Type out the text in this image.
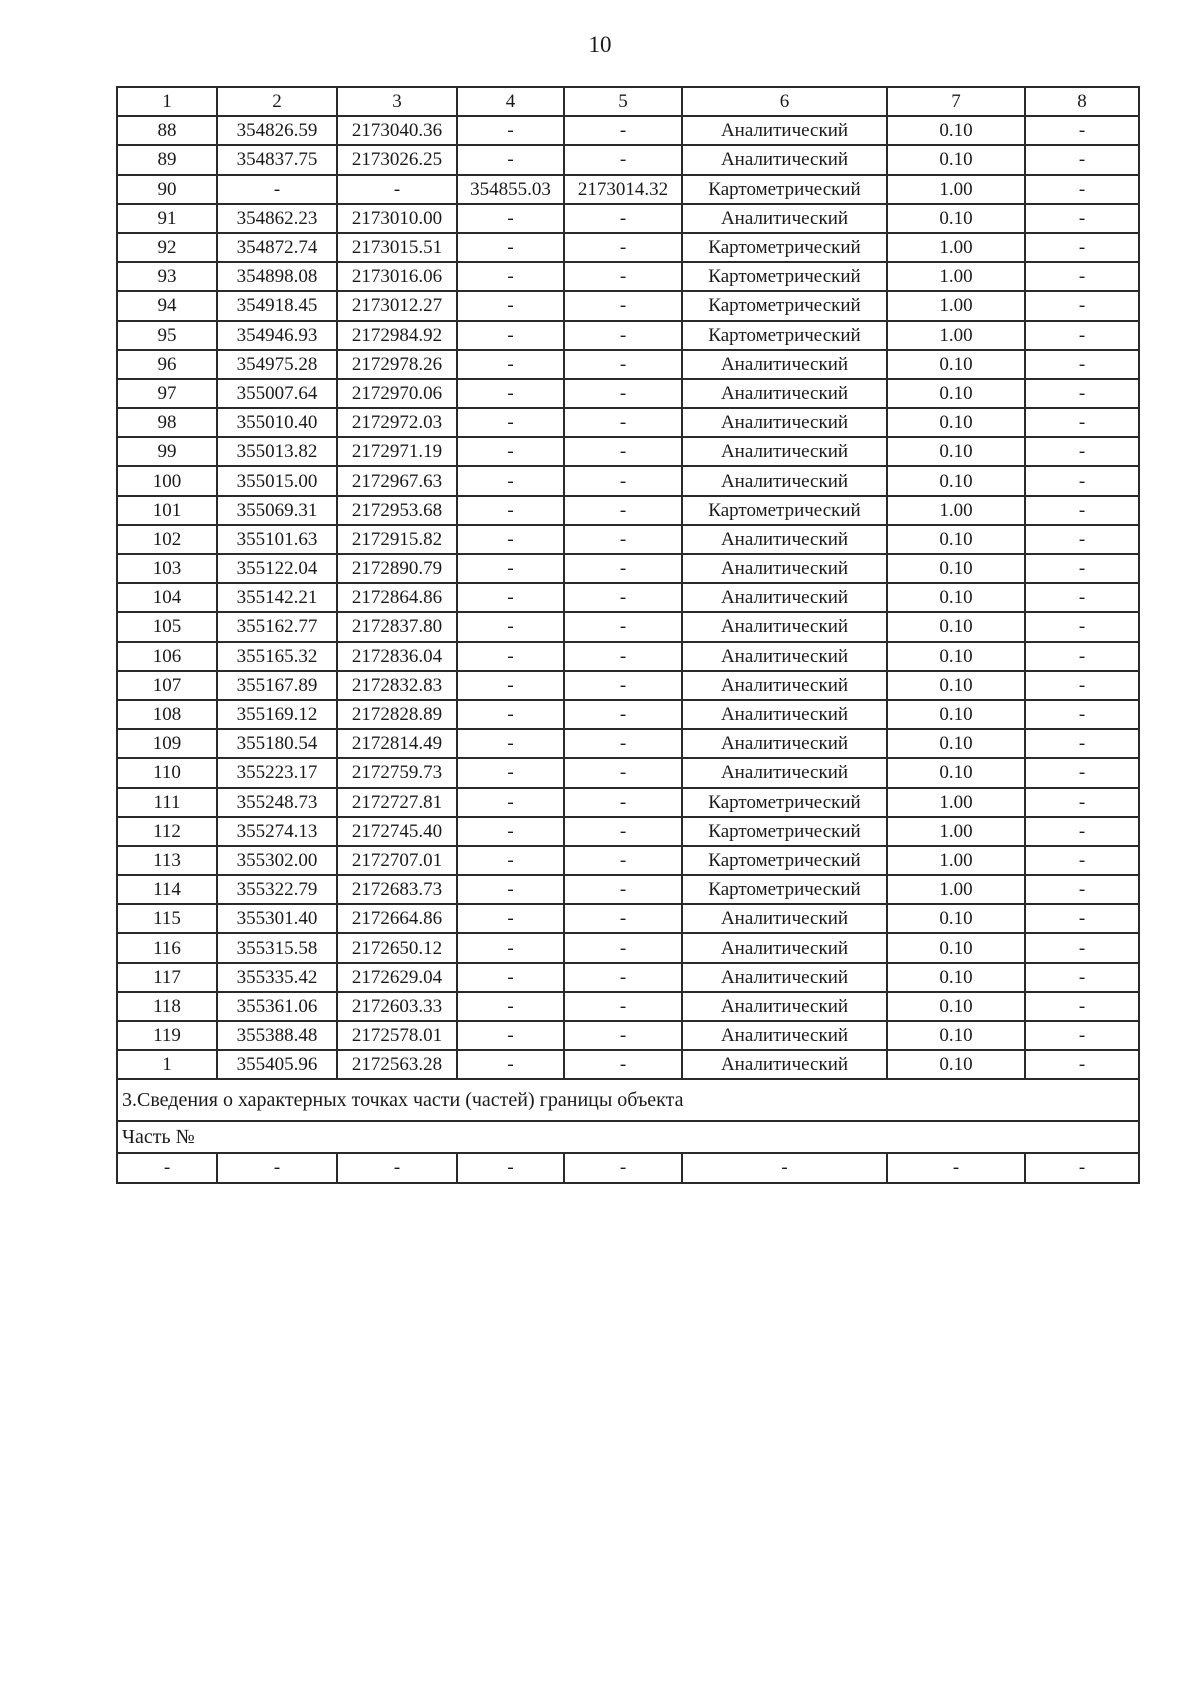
10
1	2	3	4	5	6	7	8
88	354826.59	2173040.36	-	-	Аналитический	0.10	-
89	354837.75	2173026.25	-	-	Аналитический	0.10	-
90	-	-	354855.03	2173014.32	Картометрический	1.00	-
91	354862.23	2173010.00	-	-	Аналитический	0.10	-
92	354872.74	2173015.51	-	-	Картометрический	1.00	-
93	354898.08	2173016.06	-	-	Картометрический	1.00	-
94	354918.45	2173012.27	-	-	Картометрический	1.00	-
95	354946.93	2172984.92	-	-	Картометрический	1.00	-
96	354975.28	2172978.26	-	-	Аналитический	0.10	-
97	355007.64	2172970.06	-	-	Аналитический	0.10	-
98	355010.40	2172972.03	-	-	Аналитический	0.10	-
99	355013.82	2172971.19	-	-	Аналитический	0.10	-
100	355015.00	2172967.63	-	-	Аналитический	0.10	-
101	355069.31	2172953.68	-	-	Картометрический	1.00	-
102	355101.63	2172915.82	-	-	Аналитический	0.10	-
103	355122.04	2172890.79	-	-	Аналитический	0.10	-
104	355142.21	2172864.86	-	-	Аналитический	0.10	-
105	355162.77	2172837.80	-	-	Аналитический	0.10	-
106	355165.32	2172836.04	-	-	Аналитический	0.10	-
107	355167.89	2172832.83	-	-	Аналитический	0.10	-
108	355169.12	2172828.89	-	-	Аналитический	0.10	-
109	355180.54	2172814.49	-	-	Аналитический	0.10	-
110	355223.17	2172759.73	-	-	Аналитический	0.10	-
111	355248.73	2172727.81	-	-	Картометрический	1.00	-
112	355274.13	2172745.40	-	-	Картометрический	1.00	-
113	355302.00	2172707.01	-	-	Картометрический	1.00	-
114	355322.79	2172683.73	-	-	Картометрический	1.00	-
115	355301.40	2172664.86	-	-	Аналитический	0.10	-
116	355315.58	2172650.12	-	-	Аналитический	0.10	-
117	355335.42	2172629.04	-	-	Аналитический	0.10	-
118	355361.06	2172603.33	-	-	Аналитический	0.10	-
119	355388.48	2172578.01	-	-	Аналитический	0.10	-
1	355405.96	2172563.28	-	-	Аналитический	0.10	-
3.Сведения о характерных точках части (частей) границы объекта							
Часть №							
-	-	-	-	-	-	-	-
